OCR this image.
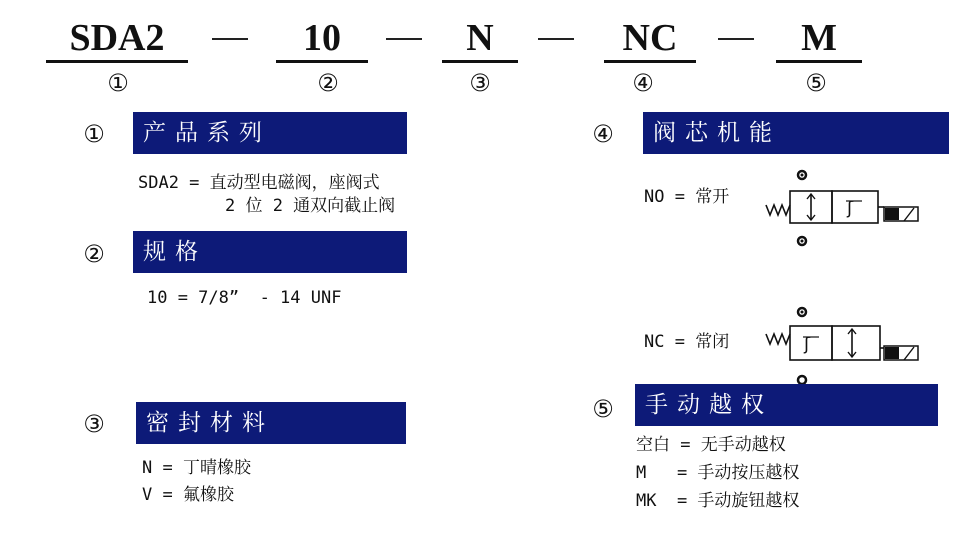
SDA2	10	N	NC	M
①	②	③	④	⑤
①	产品系列
SDA2 = 直动型电磁阀，座阀式
2 位 2 通双向截止阀
②	规格
10 = 7/8”  - 14 UNF
③	密封材料
N = 丁晴橡胶
V = 氟橡胶
④	阀芯机能
NO = 常开
ʃ
NC = 常闭	ʃ
⑤	手动越权
空白 = 无手动越权
M   = 手动按压越权
MK  = 手动旋钮越权
